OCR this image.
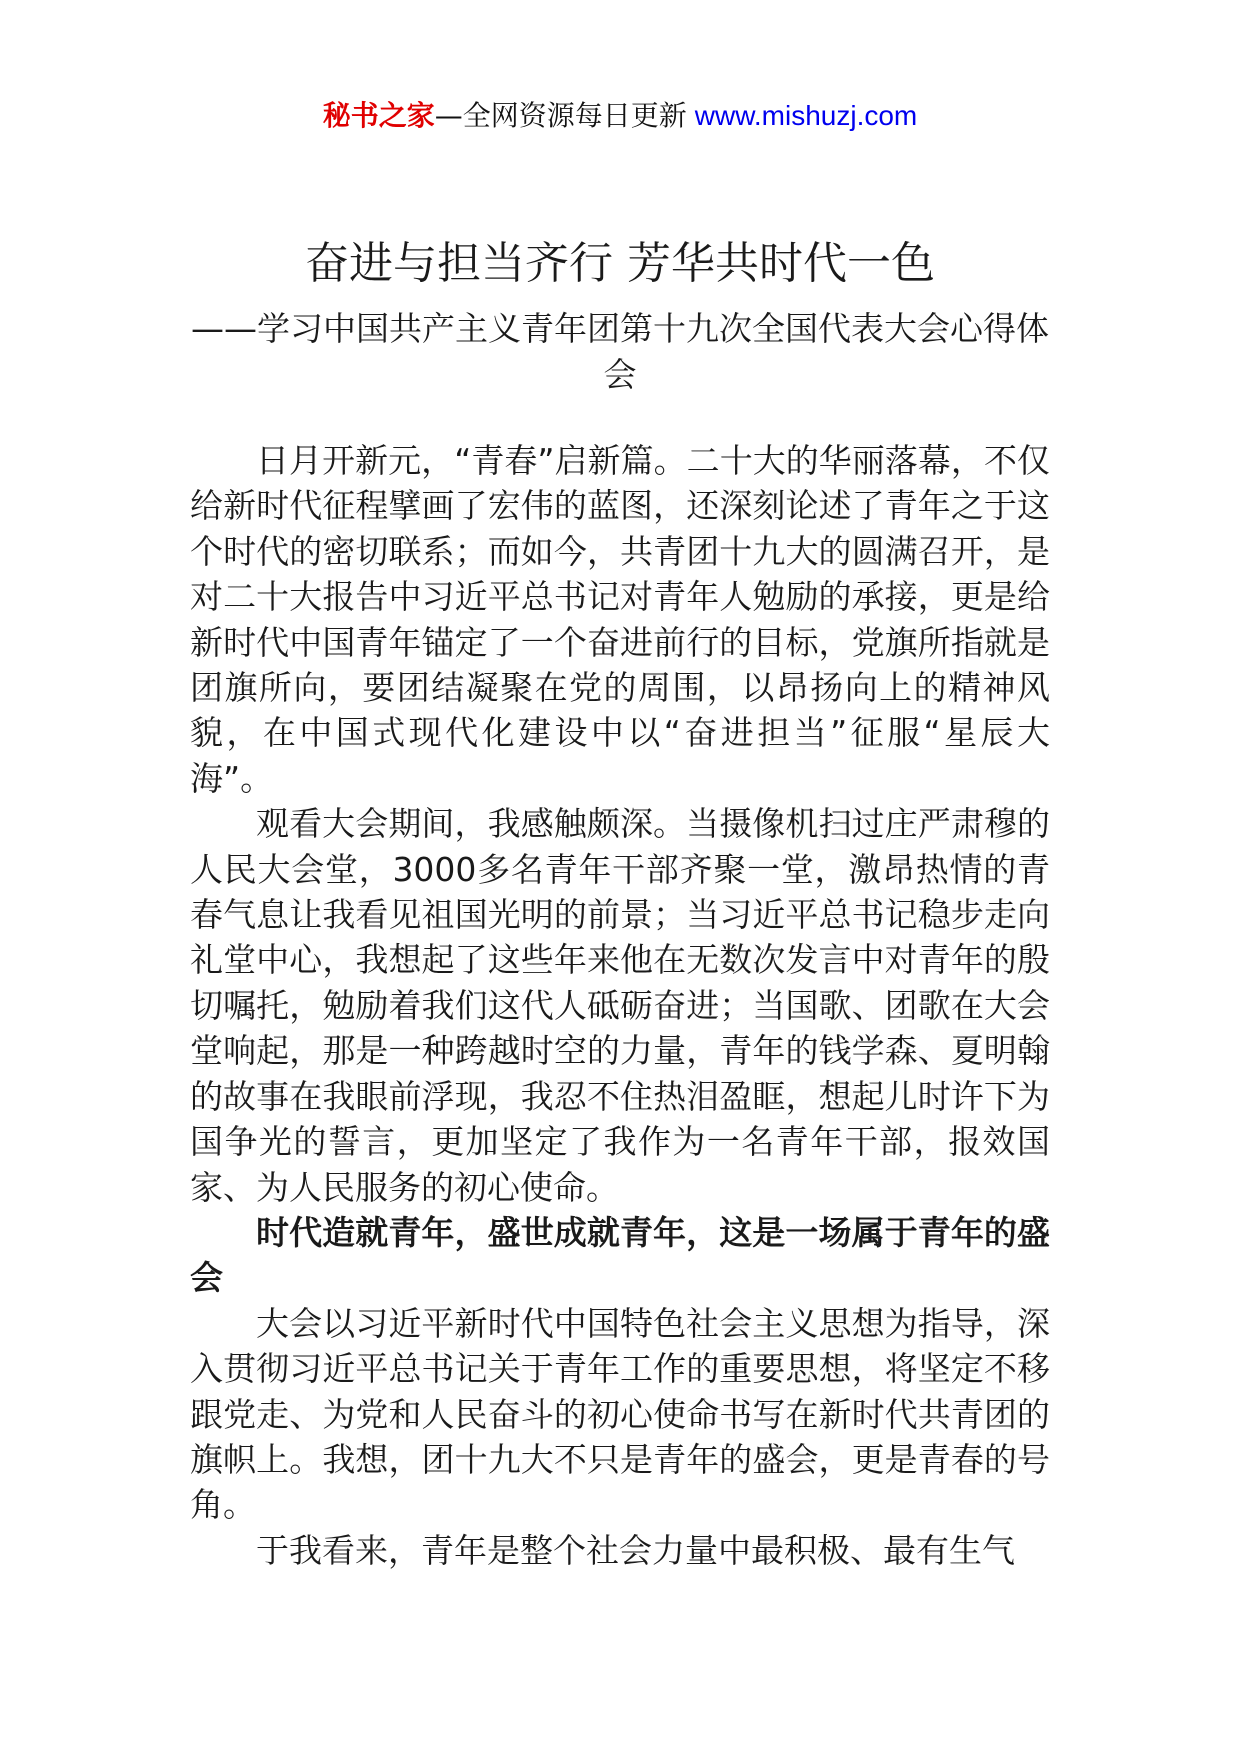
秘书之家—全网资源每日更新 www.mishuzj.com
奋进与担当齐行 芳华共时代一色
——学习中国共产主义青年团第十九次全国代表大会心得体会

日月开新元，“青春”启新篇。二十大的华丽落幕，不仅给新时代征程擘画了宏伟的蓝图，还深刻论述了青年之于这个时代的密切联系；而如今，共青团十九大的圆满召开，是对二十大报告中习近平总书记对青年人勉励的承接，更是给新时代中国青年锚定了一个奋进前行的目标，党旗所指就是团旗所向，要团结凝聚在党的周围，以昂扬向上的精神风貌，在中国式现代化建设中以“奋进担当”征服“星辰大海”。

观看大会期间，我感触颇深。当摄像机扫过庄严肃穆的人民大会堂，3000多名青年干部齐聚一堂，激昂热情的青春气息让我看见祖国光明的前景；当习近平总书记稳步走向礼堂中心，我想起了这些年来他在无数次发言中对青年的殷切嘱托，勉励着我们这代人砥砺奋进；当国歌、团歌在大会堂响起，那是一种跨越时空的力量，青年的钱学森、夏明翰的故事在我眼前浮现，我忍不住热泪盈眶，想起儿时许下为国争光的誓言，更加坚定了我作为一名青年干部，报效国家、为人民服务的初心使命。

时代造就青年，盛世成就青年，这是一场属于青年的盛会

大会以习近平新时代中国特色社会主义思想为指导，深入贯彻习近平总书记关于青年工作的重要思想，将坚定不移跟党走、为党和人民奋斗的初心使命书写在新时代共青团的旗帜上。我想，团十九大不只是青年的盛会，更是青春的号角。

于我看来，青年是整个社会力量中最积极、最有生气
